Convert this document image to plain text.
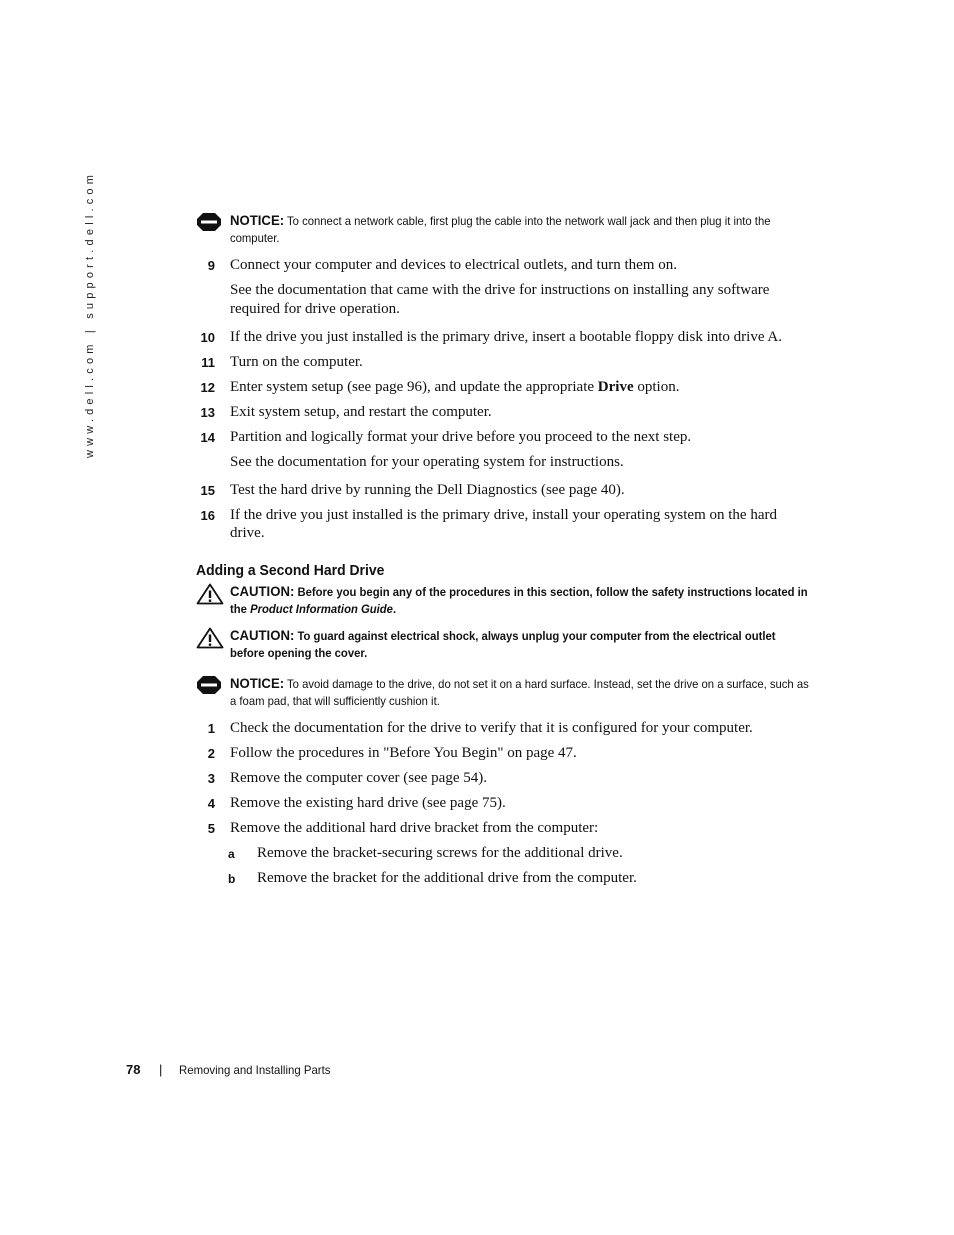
www.dell.com | support.dell.com	NOTICE: To connect a network cable, first plug the cable into the network wall jack and then plug it into the computer.
9 Connect your computer and devices to electrical outlets, and turn them on.
See the documentation that came with the drive for instructions on installing any software required for drive operation.
10 If the drive you just installed is the primary drive, insert a bootable floppy disk into drive A.
11 Turn on the computer.
12 Enter system setup (see page 96), and update the appropriate Drive option.
13 Exit system setup, and restart the computer.
14 Partition and logically format your drive before you proceed to the next step.
See the documentation for your operating system for instructions.
15 Test the hard drive by running the Dell Diagnostics (see page 40).
16 If the drive you just installed is the primary drive, install your operating system on the hard drive.
Adding a Second Hard Drive
CAUTION: Before you begin any of the procedures in this section, follow the safety instructions located in the Product Information Guide.
CAUTION: To guard against electrical shock, always unplug your computer from the electrical outlet before opening the cover.
NOTICE: To avoid damage to the drive, do not set it on a hard surface. Instead, set the drive on a surface, such as a foam pad, that will sufficiently cushion it.
1 Check the documentation for the drive to verify that it is configured for your computer.
2 Follow the procedures in "Before You Begin" on page 47.
3 Remove the computer cover (see page 54).
4 Remove the existing hard drive (see page 75).
5 Remove the additional hard drive bracket from the computer:
a Remove the bracket-securing screws for the additional drive.
b Remove the bracket for the additional drive from the computer.
78 | Removing and Installing Parts
